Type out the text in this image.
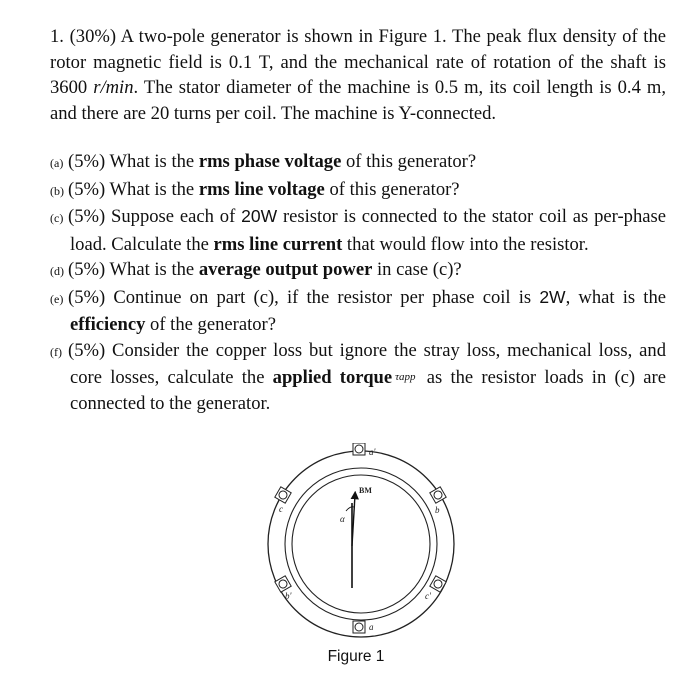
1. (30%) A two-pole generator is shown in Figure 1. The peak flux density of the rotor magnetic field is 0.1 T, and the mechanical rate of rotation of the shaft is 3600 r/min. The stator diameter of the machine is 0.5 m, its coil length is 0.4 m, and there are 20 turns per coil. The machine is Y-connected.

(a) (5%) What is the rms phase voltage of this generator?
(b) (5%) What is the rms line voltage of this generator?
(c) (5%) Suppose each of 20W resistor is connected to the stator coil as per-phase load. Calculate the rms line current that would flow into the resistor.
(d) (5%) What is the average output power in case (c)?
(e) (5%) Continue on part (c), if the resistor per phase coil is 2W, what is the efficiency of the generator?
(f) (5%) Consider the copper loss but ignore the stray loss, mechanical loss, and core losses, calculate the applied torque τapp as the resistor loads in (c) are connected to the generator.
a'
a
c	b
b'	c'
BM
α
Figure 1
